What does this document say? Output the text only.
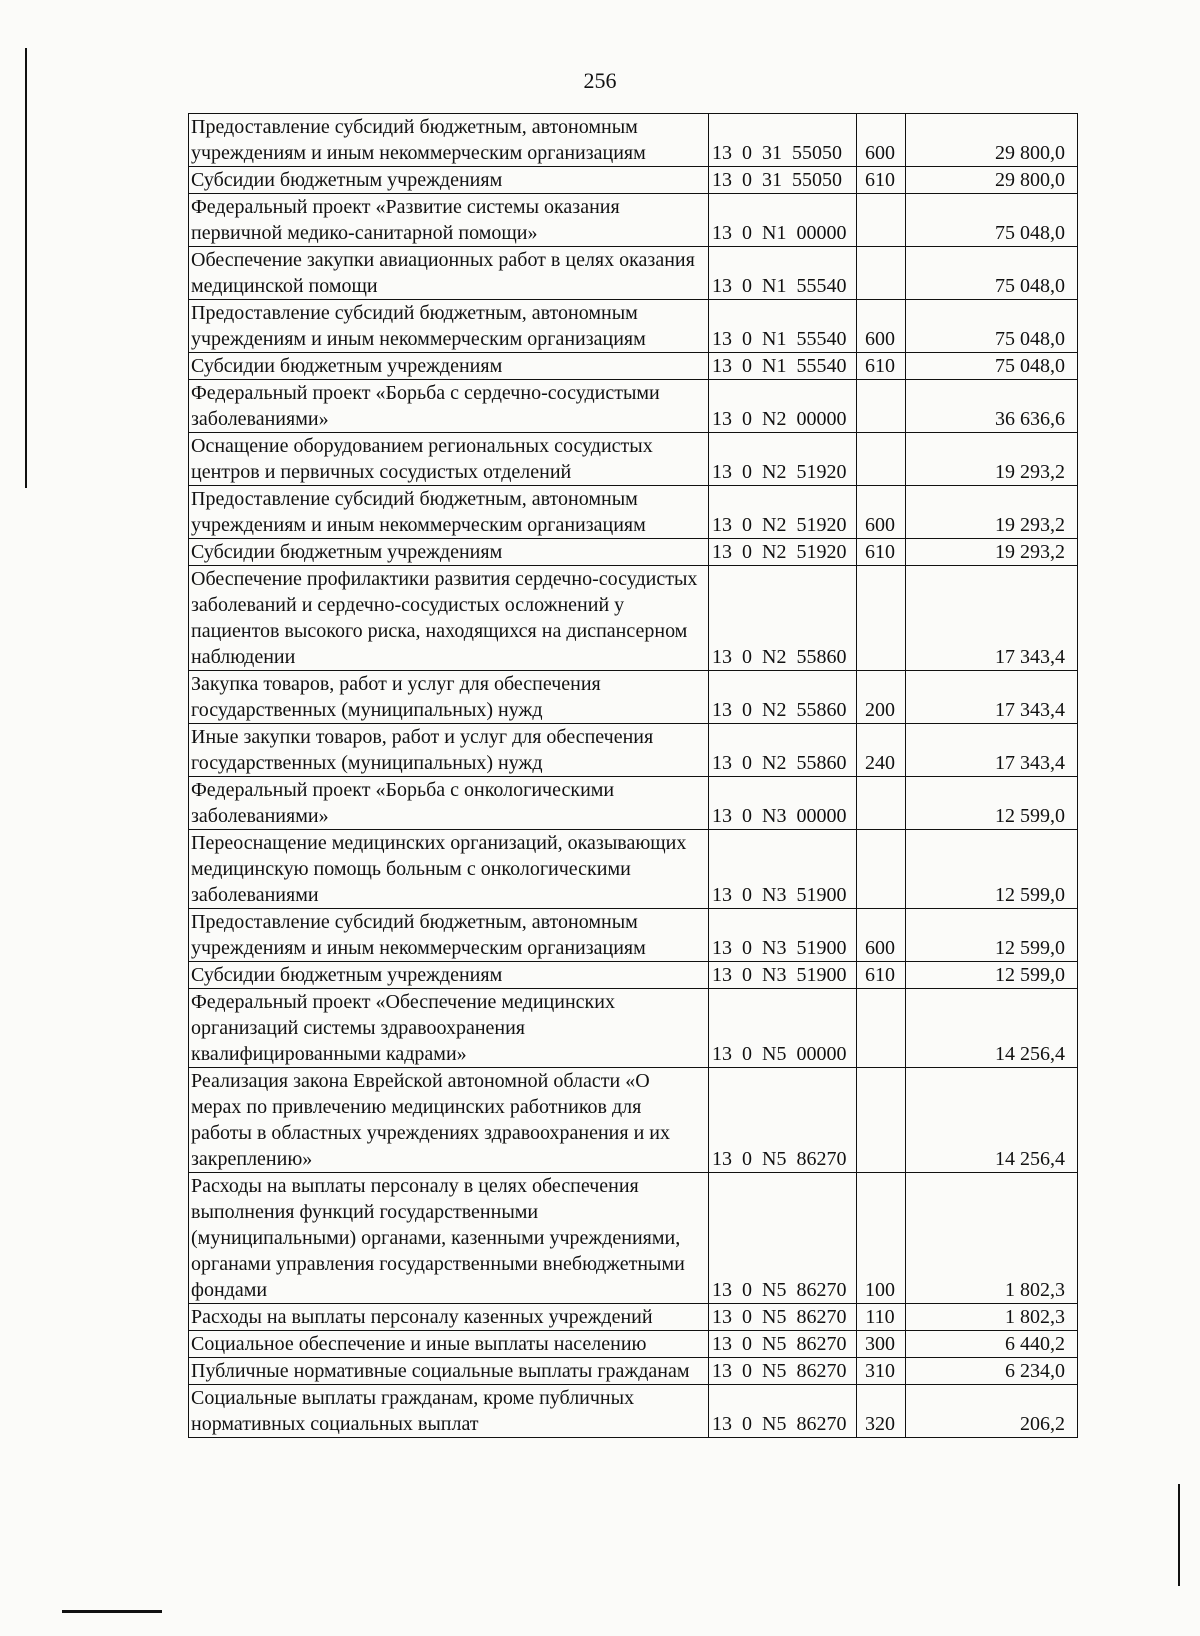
256
Предоставление субсидий бюджетным, автономным учреждениям и иным некоммерческим организациям	13  0  31  55050	600	29 800,0
Субсидии бюджетным учреждениям	13  0  31  55050	610	29 800,0
Федеральный проект «Развитие системы оказания первичной медико-санитарной помощи»	13  0  N1  00000		75 048,0
Обеспечение закупки авиационных работ в целях оказания медицинской помощи	13  0  N1  55540		75 048,0
Предоставление субсидий бюджетным, автономным учреждениям и иным некоммерческим организациям	13  0  N1  55540	600	75 048,0
Субсидии бюджетным учреждениям	13  0  N1  55540	610	75 048,0
Федеральный проект «Борьба с сердечно-сосудистыми заболеваниями»	13  0  N2  00000		36 636,6
Оснащение оборудованием региональных сосудистых центров и первичных сосудистых отделений	13  0  N2  51920		19 293,2
Предоставление субсидий бюджетным, автономным учреждениям и иным некоммерческим организациям	13  0  N2  51920	600	19 293,2
Субсидии бюджетным учреждениям	13  0  N2  51920	610	19 293,2
Обеспечение профилактики развития сердечно-сосудистых заболеваний и сердечно-сосудистых осложнений у пациентов высокого риска, находящихся на диспансерном наблюдении	13  0  N2  55860		17 343,4
Закупка товаров, работ и услуг для обеспечения государственных (муниципальных) нужд	13  0  N2  55860	200	17 343,4
Иные закупки товаров, работ и услуг для обеспечения государственных (муниципальных) нужд	13  0  N2  55860	240	17 343,4
Федеральный проект «Борьба с онкологическими заболеваниями»	13  0  N3  00000		12 599,0
Переоснащение медицинских организаций, оказывающих медицинскую помощь больным с онкологическими заболеваниями	13  0  N3  51900		12 599,0
Предоставление субсидий бюджетным, автономным учреждениям и иным некоммерческим организациям	13  0  N3  51900	600	12 599,0
Субсидии бюджетным учреждениям	13  0  N3  51900	610	12 599,0
Федеральный проект «Обеспечение медицинских организаций системы здравоохранения квалифицированными кадрами»	13  0  N5  00000		14 256,4
Реализация закона Еврейской автономной области «О мерах по привлечению медицинских работников для работы в областных учреждениях здравоохранения и их закреплению»	13  0  N5  86270		14 256,4
Расходы на выплаты персоналу в целях обеспечения выполнения функций государственными (муниципальными) органами, казенными учреждениями, органами управления государственными внебюджетными фондами	13  0  N5  86270	100	1 802,3
Расходы на выплаты персоналу казенных учреждений	13  0  N5  86270	110	1 802,3
Социальное обеспечение и иные выплаты населению	13  0  N5  86270	300	6 440,2
Публичные нормативные социальные выплаты гражданам	13  0  N5  86270	310	6 234,0
Социальные выплаты гражданам, кроме публичных нормативных социальных выплат	13  0  N5  86270	320	206,2
